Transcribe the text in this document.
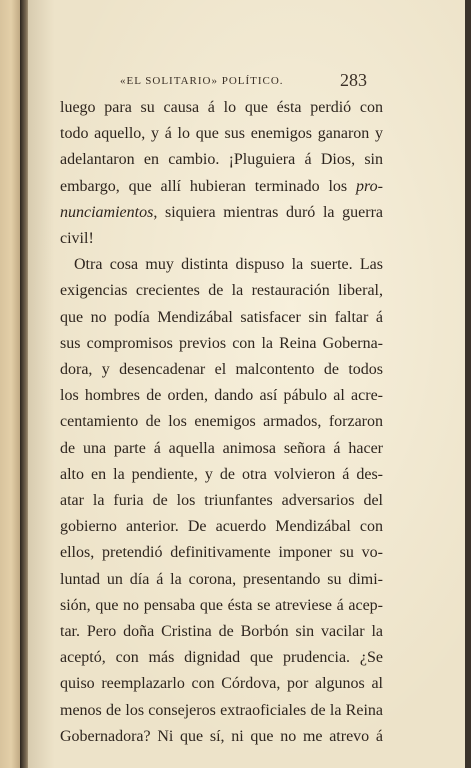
«EL SOLITARIO» POLÍTICO.	283
luego para su causa á lo que ésta perdió con
todo aquello, y á lo que sus enemigos ganaron y
adelantaron en cambio. ¡Pluguiera á Dios, sin
embargo, que allí hubieran terminado los pro-
nunciamientos, siquiera mientras duró la guerra
civil!
Otra cosa muy distinta dispuso la suerte. Las
exigencias crecientes de la restauración liberal,
que no podía Mendizábal satisfacer sin faltar á
sus compromisos previos con la Reina Goberna-
dora, y desencadenar el malcontento de todos
los hombres de orden, dando así pábulo al acre-
centamiento de los enemigos armados, forzaron
de una parte á aquella animosa señora á hacer
alto en la pendiente, y de otra volvieron á des-
atar la furia de los triunfantes adversarios del
gobierno anterior. De acuerdo Mendizábal con
ellos, pretendió definitivamente imponer su vo-
luntad un día á la corona, presentando su dimi-
sión, que no pensaba que ésta se atreviese á acep-
tar. Pero doña Cristina de Borbón sin vacilar la
aceptó, con más dignidad que prudencia. ¿Se
quiso reemplazarlo con Córdova, por algunos al
menos de los consejeros extraoficiales de la Reina
Gobernadora? Ni que sí, ni que no me atrevo á
